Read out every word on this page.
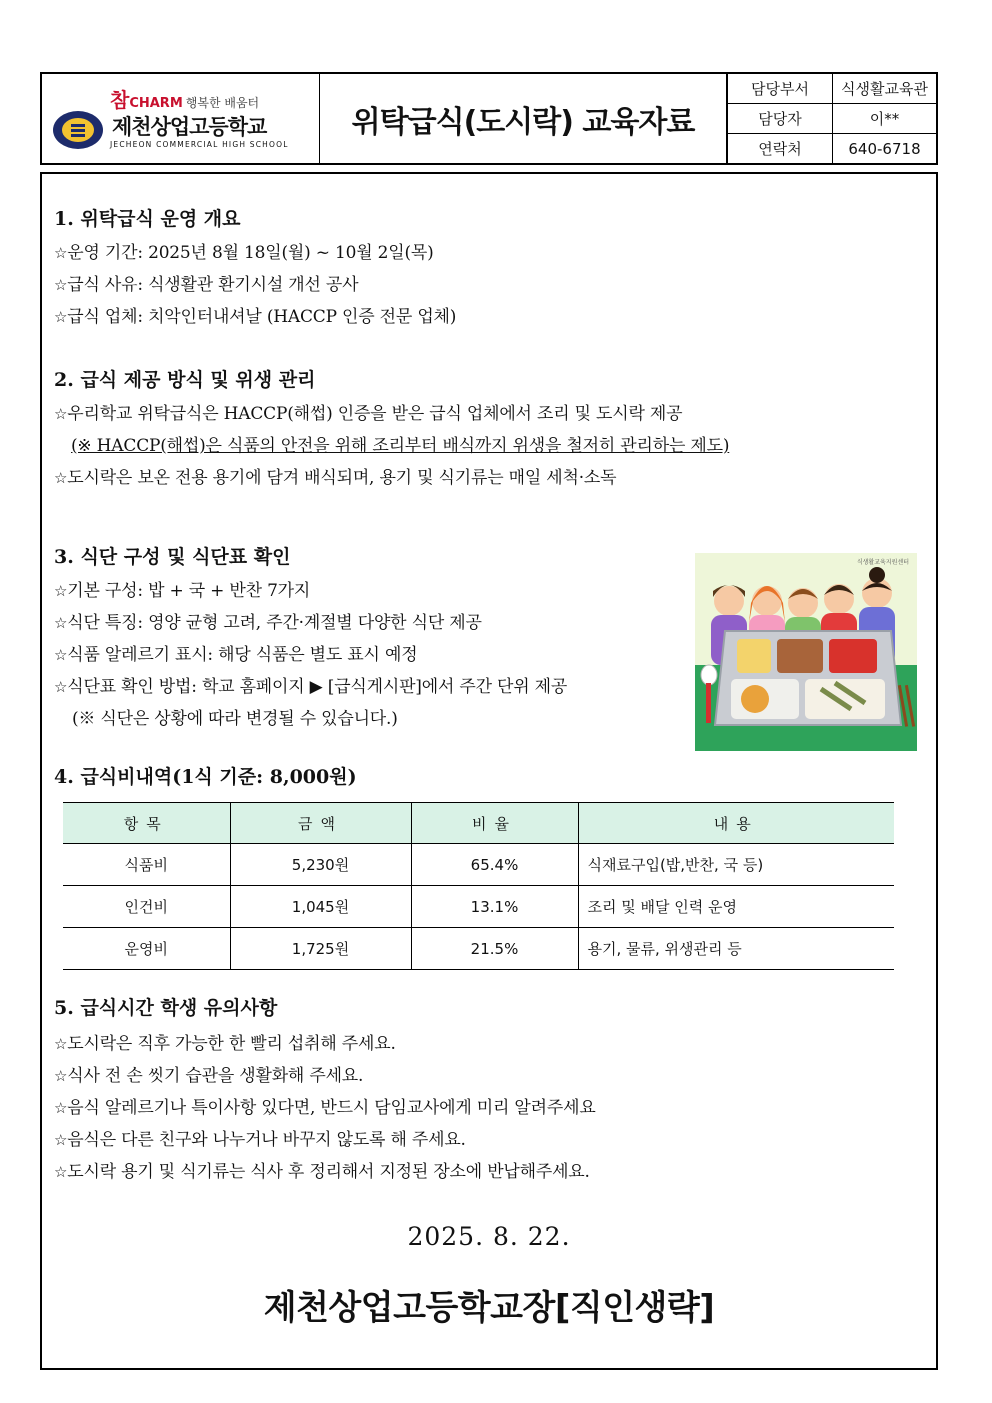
참CHARM 행복한 배움터
제천상업고등학교
JECHEON COMMERCIAL HIGH SCHOOL
위탁급식(도시락) 교육자료
담당부서	식생활교육관
담당자	이**
연락처	640-6718
1. 위탁급식 운영 개요
☆운영 기간: 2025년 8월 18일(월) ~ 10월 2일(목)
☆급식 사유: 식생활관 환기시설 개선 공사
☆급식 업체: 치악인터내셔날 (HACCP 인증 전문 업체)
2. 급식 제공 방식 및 위생 관리
☆우리학교 위탁급식은 HACCP(해썹) 인증을 받은 급식 업체에서 조리 및 도시락 제공
(※ HACCP(해썹)은 식품의 안전을 위해 조리부터 배식까지 위생을 철저히 관리하는 제도)
☆도시락은 보온 전용 용기에 담겨 배식되며, 용기 및 식기류는 매일 세척·소독
3. 식단 구성 및 식단표 확인
☆기본 구성: 밥 + 국 + 반찬 7가지
☆식단 특징: 영양 균형 고려, 주간·계절별 다양한 식단 제공
☆식품 알레르기 표시: 해당 식품은 별도 표시 예정
☆식단표 확인 방법: 학교 홈페이지 ▶ [급식게시판]에서 주간 단위 제공
(※ 식단은 상황에 따라 변경될 수 있습니다.)
식생활교육지원센터
4. 급식비내역(1식 기준: 8,000원)
항목	금액	비율	내용
식품비	5,230원	65.4%	식재료구입(밥,반찬, 국 등)
인건비	1,045원	13.1%	조리 및 배달 인력 운영
운영비	1,725원	21.5%	용기, 물류, 위생관리 등
5. 급식시간 학생 유의사항
☆도시락은 직후 가능한 한 빨리 섭취해 주세요.
☆식사 전 손 씻기 습관을 생활화해 주세요.
☆음식 알레르기나 특이사항 있다면, 반드시 담임교사에게 미리 알려주세요
☆음식은 다른 친구와 나누거나 바꾸지 않도록 해 주세요.
☆도시락 용기 및 식기류는 식사 후 정리해서 지정된 장소에 반납해주세요.
2025. 8. 22.
제천상업고등학교장[직인생략]
